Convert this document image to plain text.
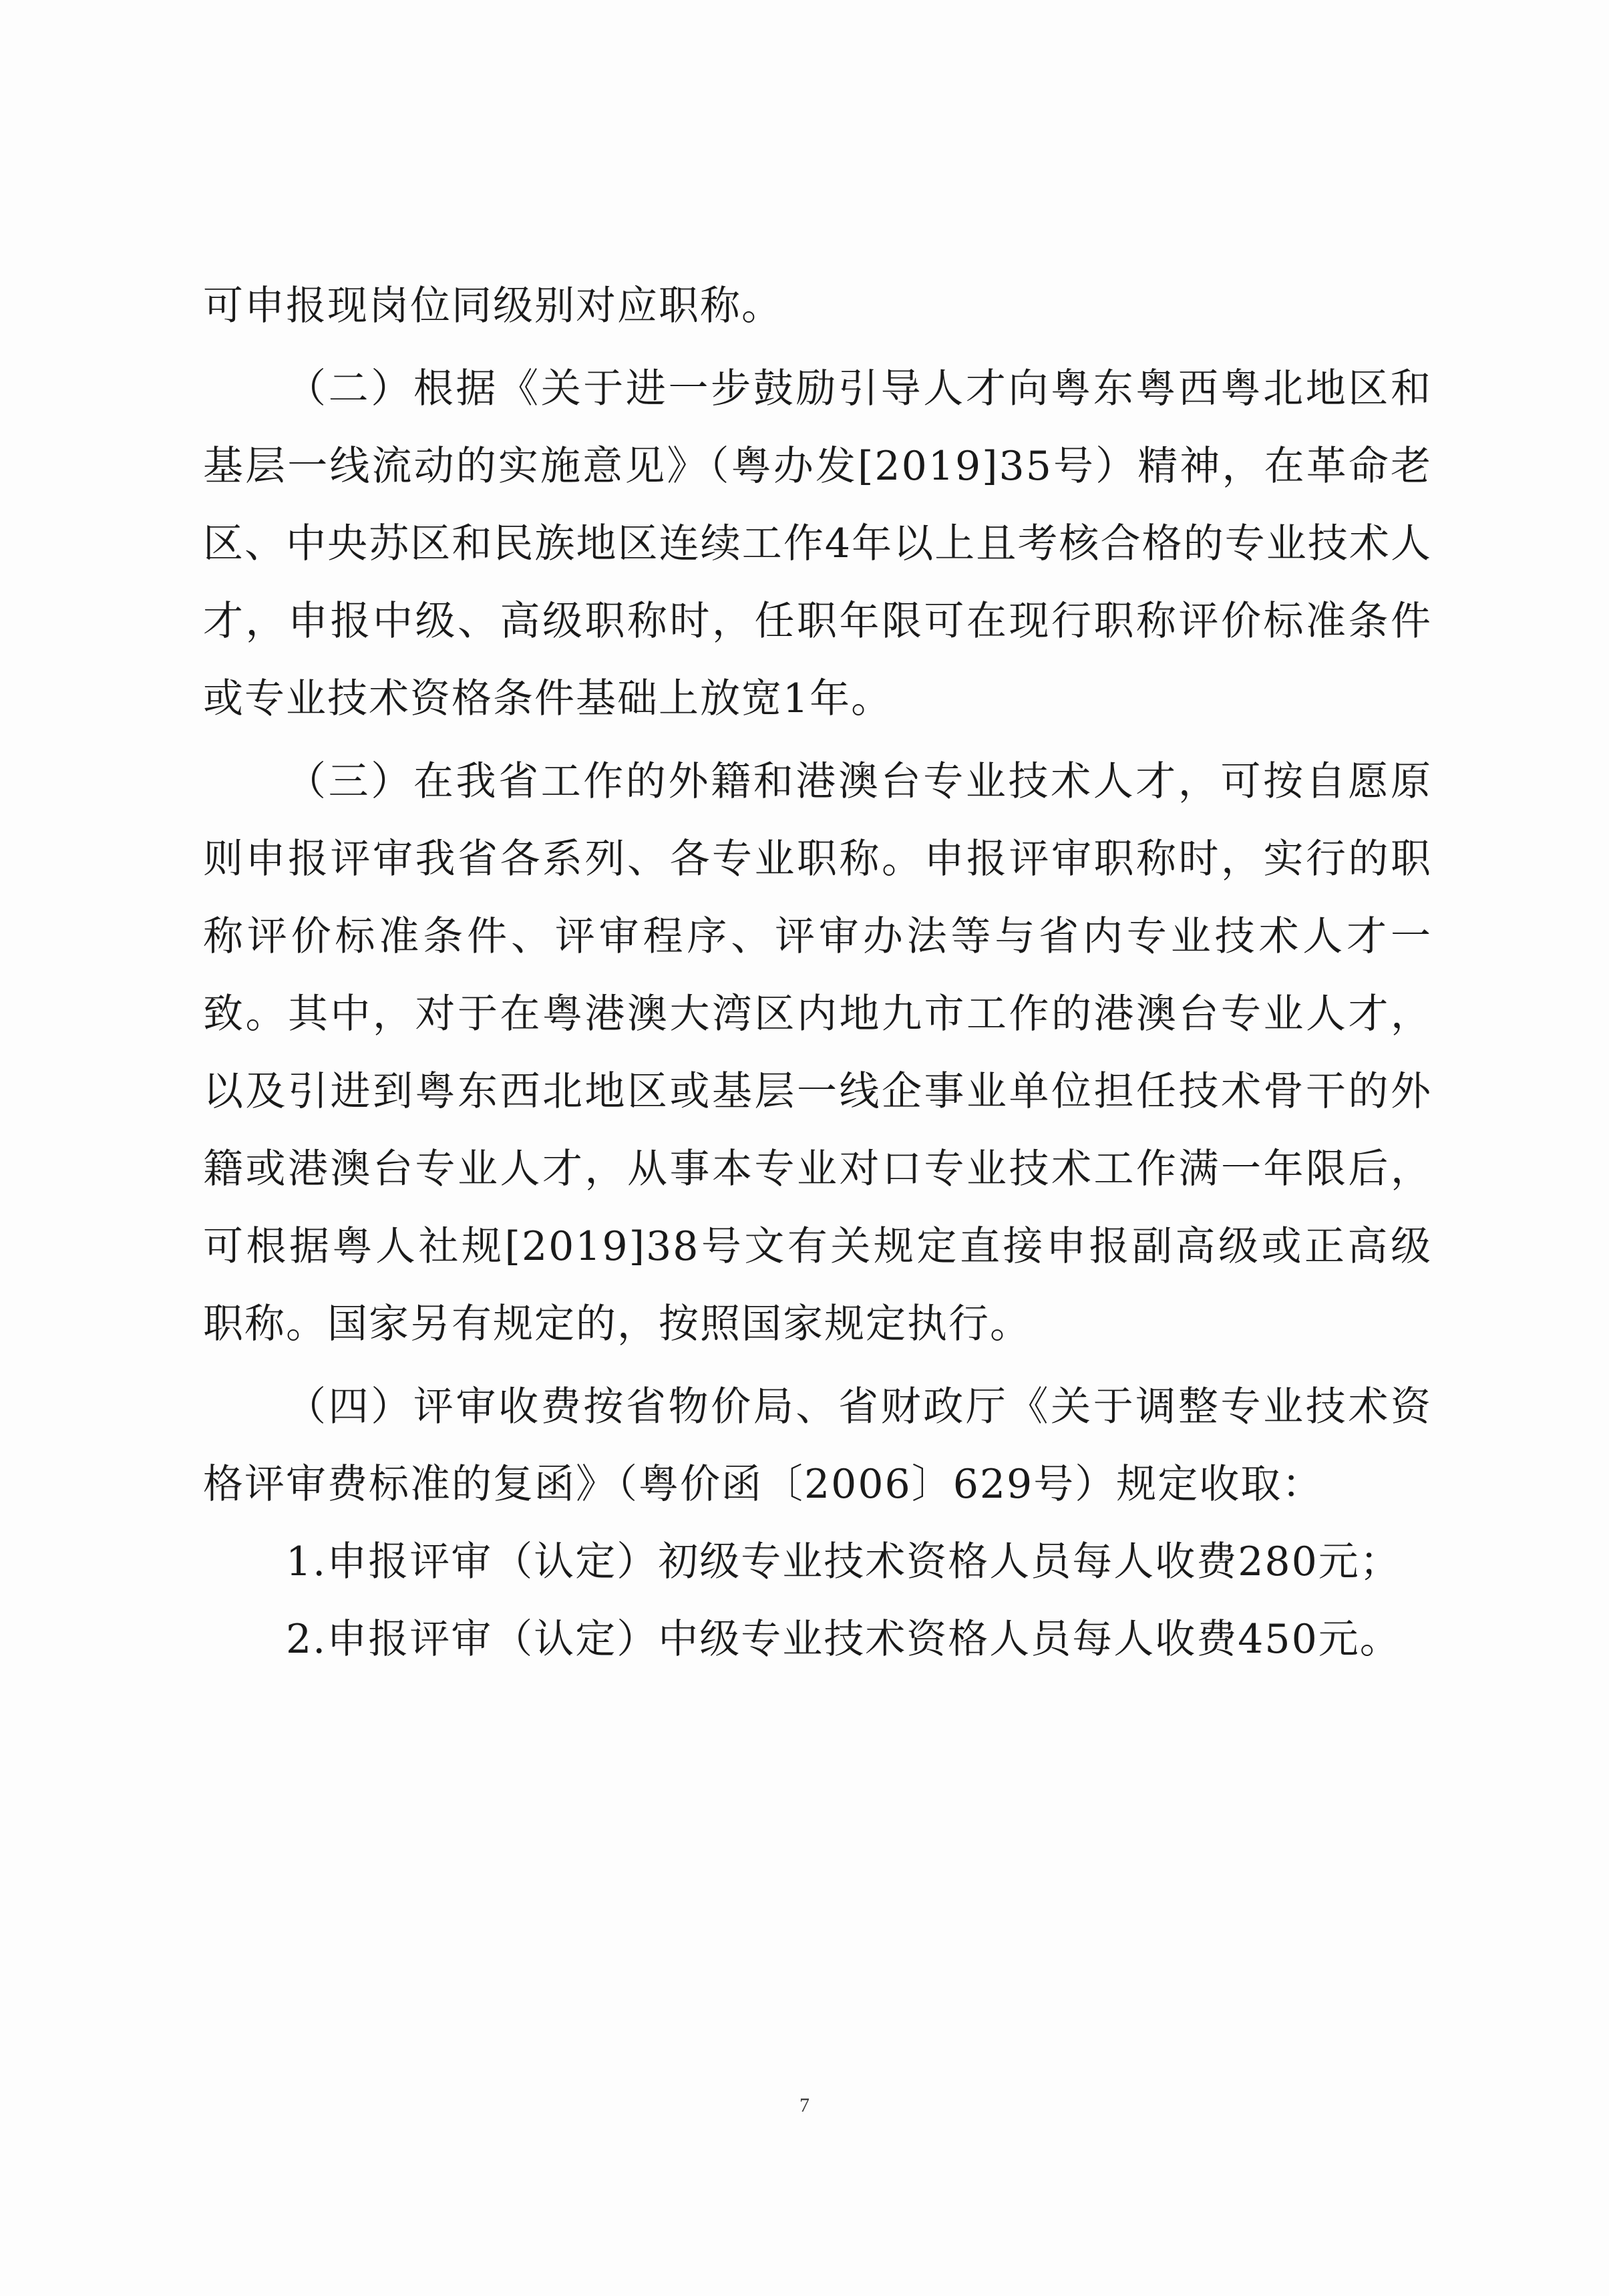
可申报现岗位同级别对应职称。

（二）根据《关于进一步鼓励引导人才向粤东粤西粤北地区和基层一线流动的实施意见》（粤办发[2019]35号）精神，在革命老区、中央苏区和民族地区连续工作4年以上且考核合格的专业技术人才，申报中级、高级职称时，任职年限可在现行职称评价标准条件或专业技术资格条件基础上放宽1年。

（三）在我省工作的外籍和港澳台专业技术人才，可按自愿原则申报评审我省各系列、各专业职称。申报评审职称时，实行的职称评价标准条件、评审程序、评审办法等与省内专业技术人才一致。其中，对于在粤港澳大湾区内地九市工作的港澳台专业人才，以及引进到粤东西北地区或基层一线企事业单位担任技术骨干的外籍或港澳台专业人才，从事本专业对口专业技术工作满一年限后，可根据粤人社规[2019]38号文有关规定直接申报副高级或正高级职称。国家另有规定的，按照国家规定执行。

（四）评审收费按省物价局、省财政厅《关于调整专业技术资格评审费标准的复函》（粤价函〔2006〕629号）规定收取：

1.申报评审（认定）初级专业技术资格人员每人收费280元；

2.申报评审（认定）中级专业技术资格人员每人收费450元。

7
